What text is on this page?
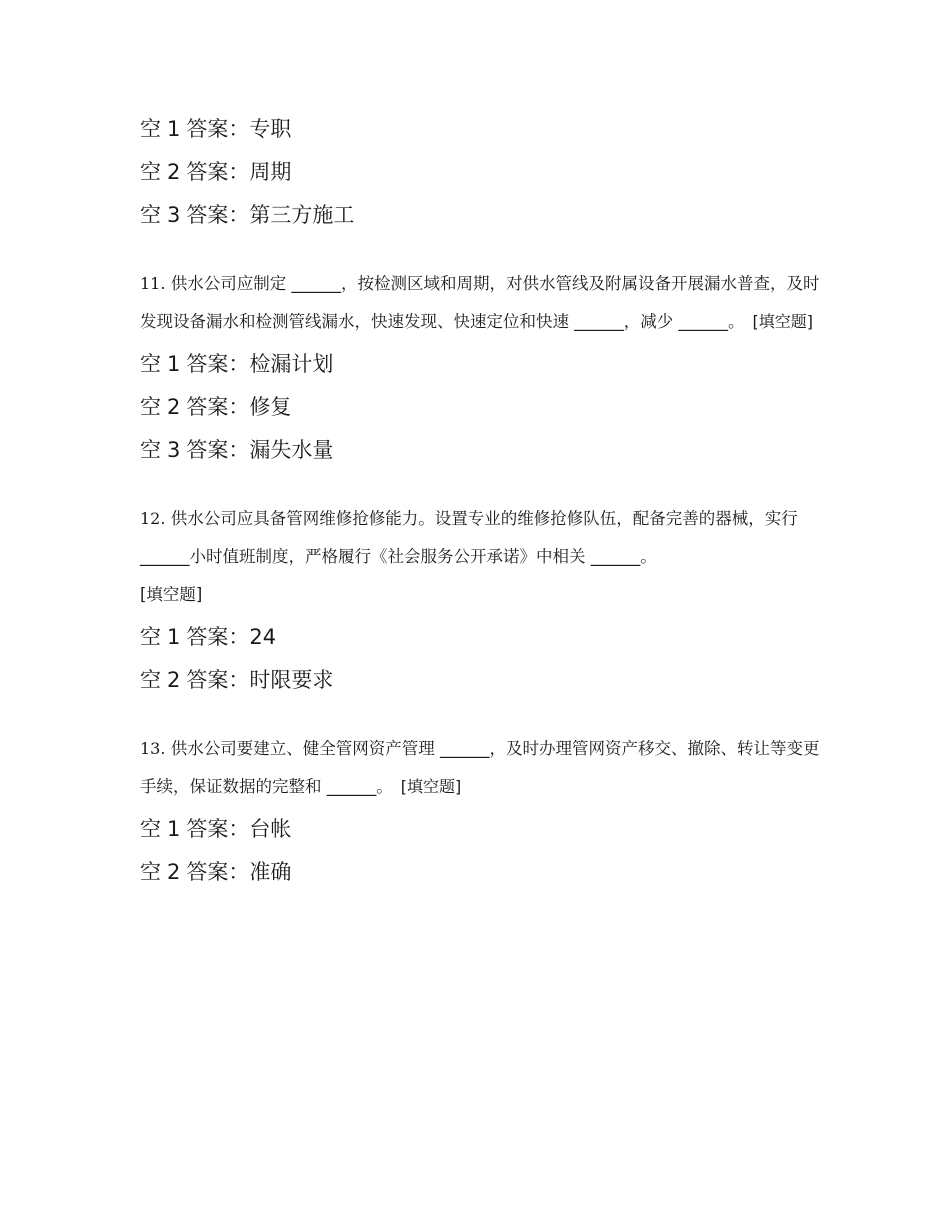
空 1 答案：专职
空 2 答案：周期
空 3 答案：第三方施工
11. 供水公司应制定 ______，按检测区域和周期，对供水管线及附属设备开展漏水普查，及时发现设备漏水和检测管线漏水，快速发现、快速定位和快速 ______，减少 ______。 [填空题]
空 1 答案：检漏计划
空 2 答案：修复
空 3 答案：漏失水量
12. 供水公司应具备管网维修抢修能力。设置专业的维修抢修队伍，配备完善的器械，实行 ______小时值班制度，严格履行《社会服务公开承诺》中相关 ______。
[填空题]
空 1 答案：24
空 2 答案：时限要求
13. 供水公司要建立、健全管网资产管理 ______，及时办理管网资产移交、撤除、转让等变更手续，保证数据的完整和 ______。 [填空题]
空 1 答案：台帐
空 2 答案：准确
